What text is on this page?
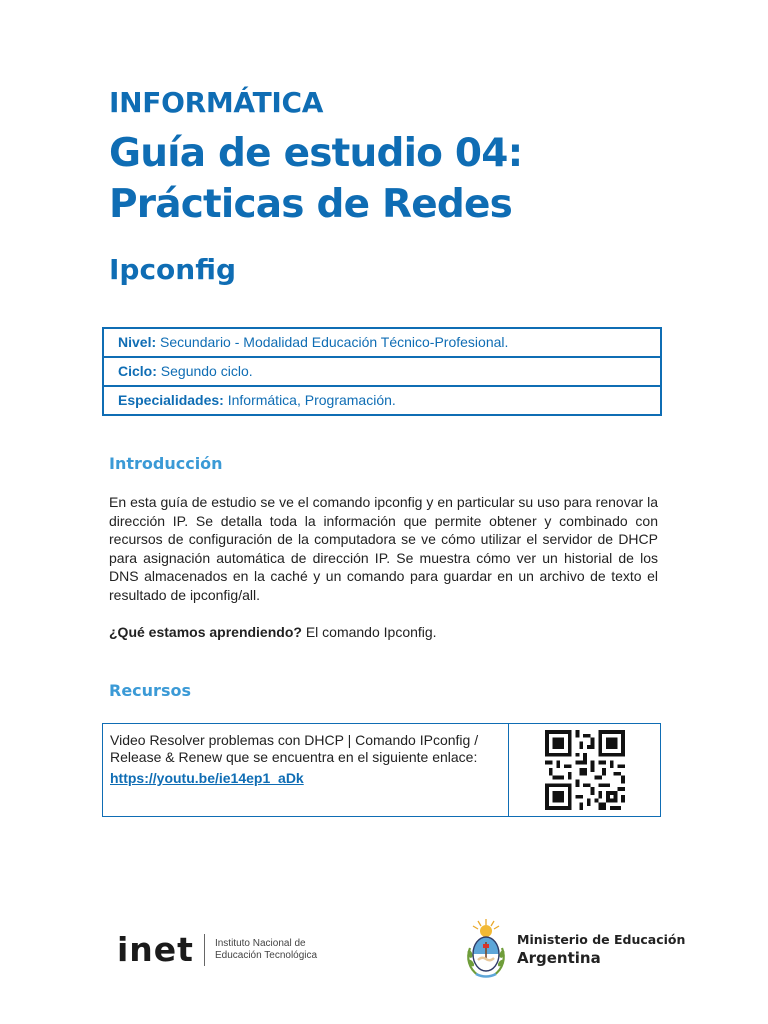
INFORMÁTICA
Guía de estudio 04:
Prácticas de Redes
Ipconfig
Nivel: Secundario - Modalidad Educación Técnico-Profesional.
Ciclo: Segundo ciclo.
Especialidades: Informática, Programación.
Introducción

En esta guía de estudio se ve el comando ipconfig y en particular su uso para renovar la dirección IP. Se detalla toda la información que permite obtener y combinado con recursos de configuración de la computadora se ve cómo utilizar el servidor de DHCP para asignación automática de dirección IP. Se muestra cómo ver un historial de los DNS almacenados en la caché y un comando para guardar en un archivo de texto el resultado de ipconfig/all.

¿Qué estamos aprendiendo? El comando Ipconfig.

Recursos
Video Resolver problemas con DHCP | Comando IPconfig / Release & Renew que se encuentra en el siguiente enlace:
https://youtu.be/ie14ep1_aDk
inet Instituto Nacional de
Educación Tecnológica
Ministerio de Educación
Argentina
